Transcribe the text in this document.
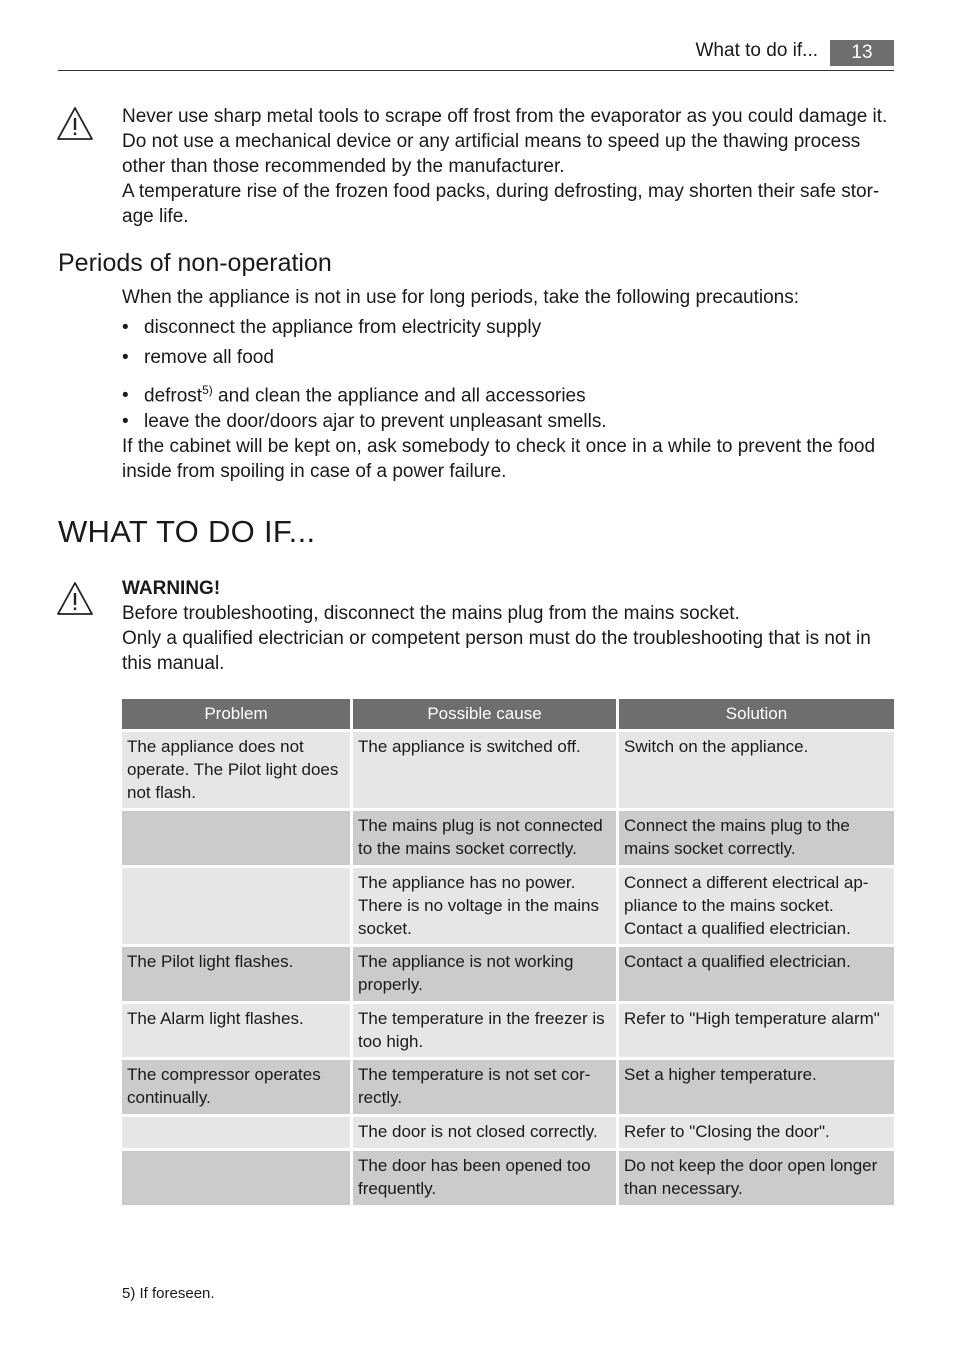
What to do if...	13
Never use sharp metal tools to scrape off frost from the evaporator as you could damage it.
Do not use a mechanical device or any artificial means to speed up the thawing process
other than those recommended by the manufacturer.
A temperature rise of the frozen food packs, during defrosting, may shorten their safe stor-
age life.
Periods of non-operation
When the appliance is not in use for long periods, take the following precautions:
• disconnect the appliance from electricity supply
• remove all food
• defrost$^{5)}$ and clean the appliance and all accessories
• leave the door/doors ajar to prevent unpleasant smells.
If the cabinet will be kept on, ask somebody to check it once in a while to prevent the food
inside from spoiling in case of a power failure.
WHAT TO DO IF...
WARNING!
Before troubleshooting, disconnect the mains plug from the mains socket.
Only a qualified electrician or competent person must do the troubleshooting that is not in
this manual.
Problem	Possible cause	Solution
The appliance does not operate. The Pilot light does not flash.	The appliance is switched off.	Switch on the appliance.
	The mains plug is not connected to the mains socket correctly.	Connect the mains plug to the mains socket correctly.
	The appliance has no power. There is no voltage in the mains socket.	Connect a different electrical ap-pliance to the mains socket. Contact a qualified electrician.
The Pilot light flashes.	The appliance is not working properly.	Contact a qualified electrician.
The Alarm light flashes.	The temperature in the freezer is too high.	Refer to "High temperature alarm"
The compressor operates continually.	The temperature is not set cor-rectly.	Set a higher temperature.
	The door is not closed correctly.	Refer to "Closing the door".
	The door has been opened too frequently.	Do not keep the door open longer than necessary.
5) If foreseen.
